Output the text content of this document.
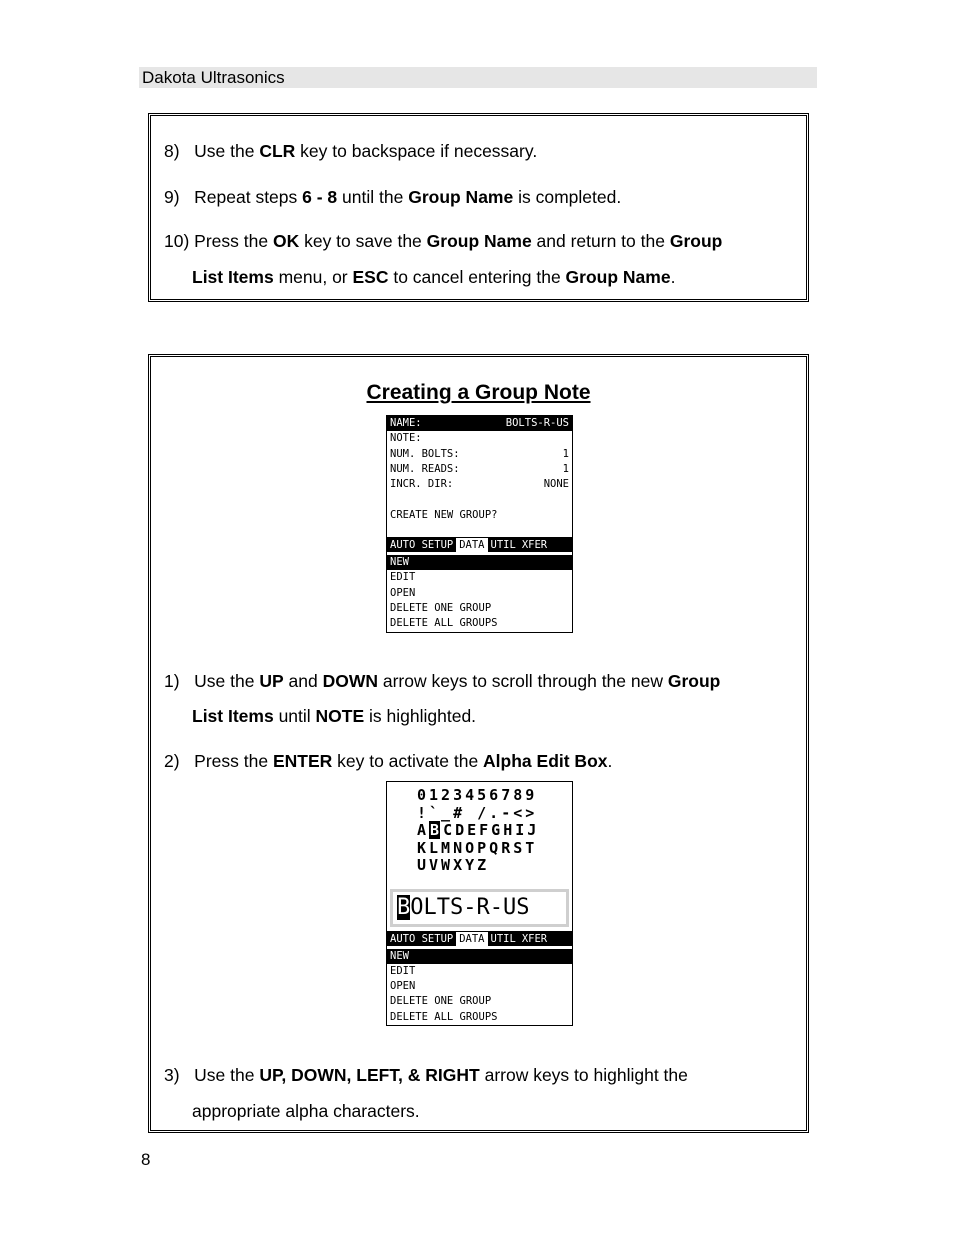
Dakota Ultrasonics
8) Use the CLR key to backspace if necessary.
9) Repeat steps 6 - 8 until the Group Name is completed.
10) Press the OK key to save the Group Name and return to the Group
List Items menu, or ESC to cancel entering the Group Name.
Creating a Group Note
NAME:	BOLTS-R-US
NOTE:
NUM. BOLTS:	1
NUM. READS:	1
INCR. DIR:	NONE
CREATE NEW GROUP?
AUTO SETUP DATA UTIL XFER
NEW
EDIT
OPEN
DELETE ONE GROUP
DELETE ALL GROUPS
1) Use the UP and DOWN arrow keys to scroll through the new Group
List Items until NOTE is highlighted.
2) Press the ENTER key to activate the Alpha Edit Box.
0123456789
!`_# /.-<>
AB CDEFGHIJ
KLMNOPQRST
UVWXYZ
BOLTS-R-US
AUTO SETUP DATA UTIL XFER
NEW
EDIT
OPEN
DELETE ONE GROUP
DELETE ALL GROUPS
3) Use the UP, DOWN, LEFT, & RIGHT arrow keys to highlight the
appropriate alpha characters.
8
